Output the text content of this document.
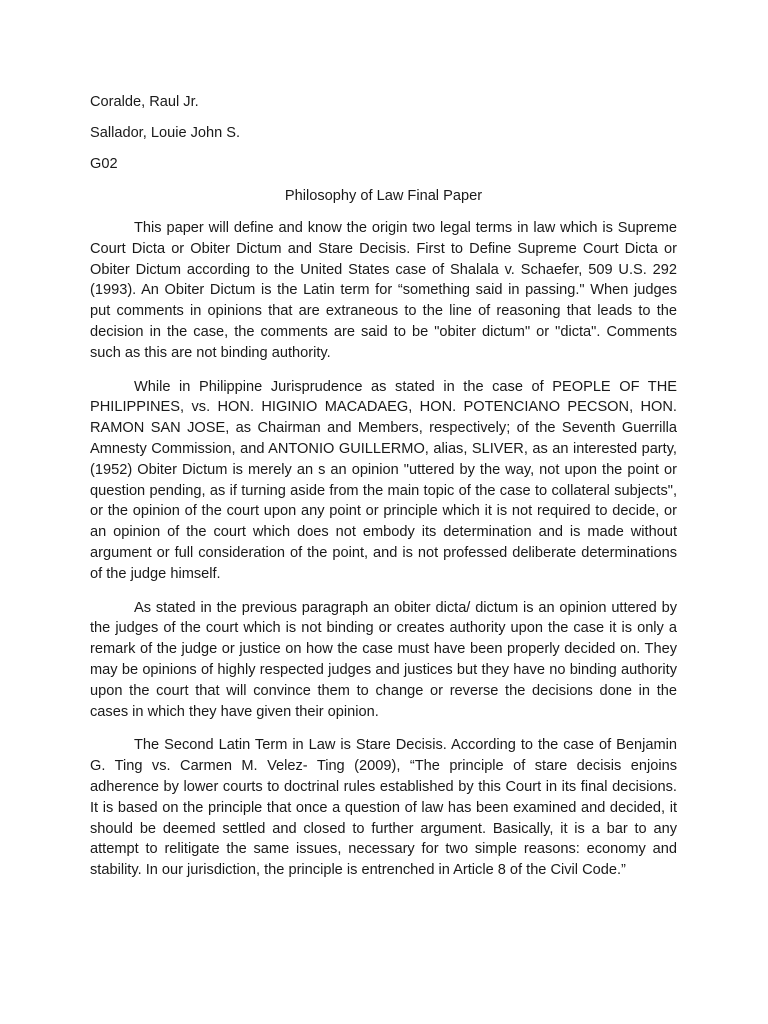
Coralde, Raul Jr.

Sallador, Louie John S.

G02

Philosophy of Law Final Paper

This paper will define and know the origin two legal terms in law which is Supreme Court Dicta or Obiter Dictum and Stare Decisis. First to Define Supreme Court Dicta or Obiter Dictum according to the United States case of Shalala v. Schaefer, 509 U.S. 292 (1993). An Obiter Dictum is the Latin term for “something said in passing." When judges put comments in opinions that are extraneous to the line of reasoning that leads to the decision in the case, the comments are said to be "obiter dictum" or "dicta". Comments such as this are not binding authority.

While in Philippine Jurisprudence as stated in the case of PEOPLE OF THE PHILIPPINES, vs. HON. HIGINIO MACADAEG, HON. POTENCIANO PECSON, HON. RAMON SAN JOSE, as Chairman and Members, respectively; of the Seventh Guerrilla Amnesty Commission, and ANTONIO GUILLERMO, alias, SLIVER, as an interested party, (1952) Obiter Dictum is merely an s an opinion "uttered by the way, not upon the point or question pending, as if turning aside from the main topic of the case to collateral subjects", or the opinion of the court upon any point or principle which it is not required to decide, or an opinion of the court which does not embody its determination and is made without argument or full consideration of the point, and is not professed deliberate determinations of the judge himself.

As stated in the previous paragraph an obiter dicta/ dictum is an opinion uttered by the judges of the court which is not binding or creates authority upon the case it is only a remark of the judge or justice on how the case must have been properly decided on. They may be opinions of highly respected judges and justices but they have no binding authority upon the court that will convince them to change or reverse the decisions done in the cases in which they have given their opinion.

The Second Latin Term in Law is Stare Decisis. According to the case of Benjamin G. Ting vs. Carmen M. Velez- Ting (2009), “The principle of stare decisis enjoins adherence by lower courts to doctrinal rules established by this Court in its final decisions. It is based on the principle that once a question of law has been examined and decided, it should be deemed settled and closed to further argument. Basically, it is a bar to any attempt to relitigate the same issues, necessary for two simple reasons: economy and stability. In our jurisdiction, the principle is entrenched in Article 8 of the Civil Code.”
